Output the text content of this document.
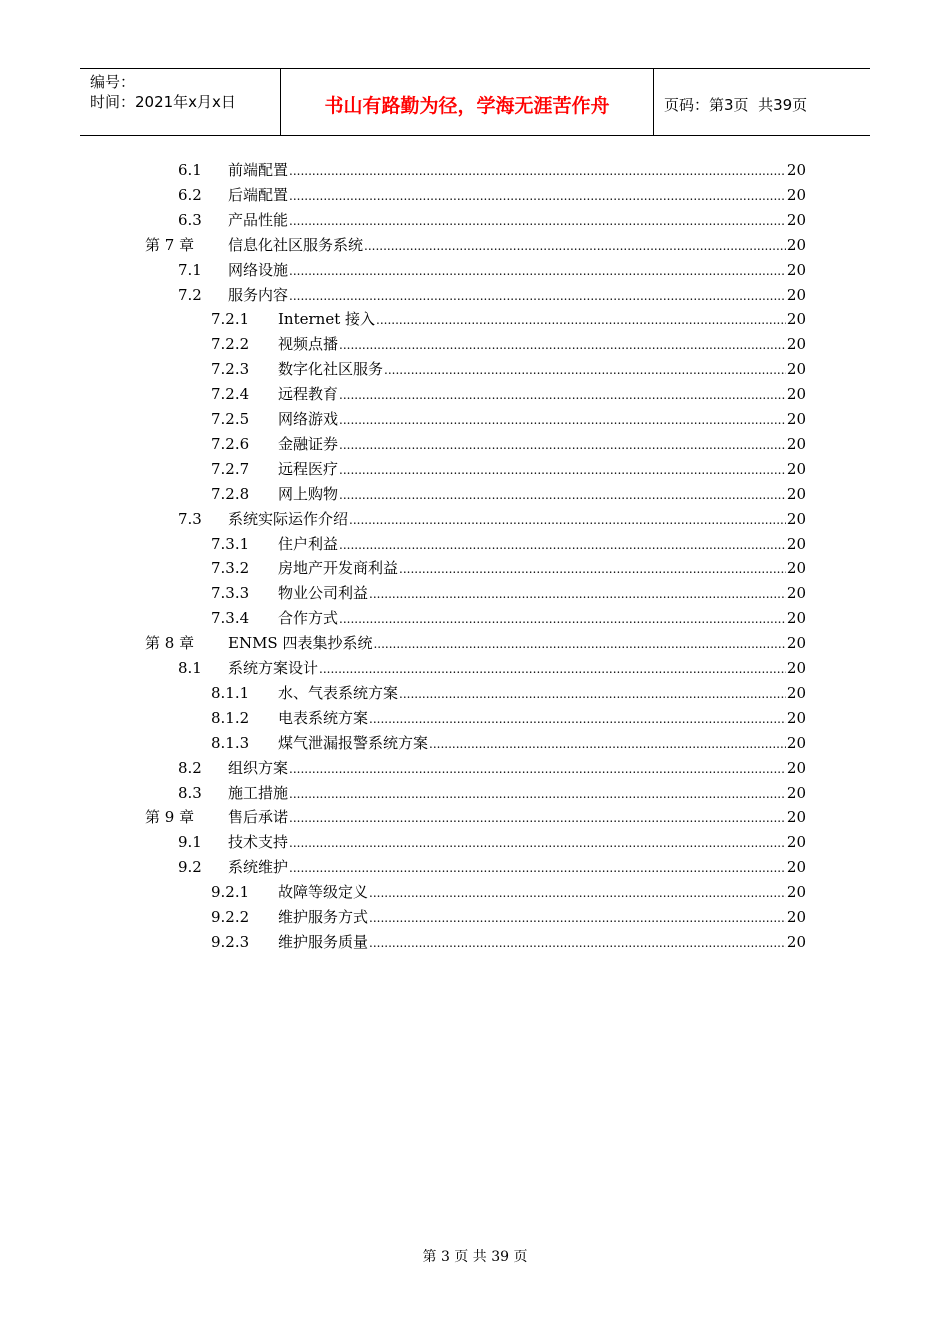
编号：
时间：2021年x月x日	书山有路勤为径，学海无涯苦作舟	页码：第3页  共39页
6.1	前端配置 .....	20
6.2	后端配置 .....	20
6.3	产品性能 .....	20
第 7 章	信息化社区服务系统 .....	20
7.1	网络设施 .....	20
7.2	服务内容 .....	20
7.2.1	Internet 接入 .....	20
7.2.2	视频点播 .....	20
7.2.3	数字化社区服务 .....	20
7.2.4	远程教育 .....	20
7.2.5	网络游戏 .....	20
7.2.6	金融证券 .....	20
7.2.7	远程医疗 .....	20
7.2.8	网上购物 .....	20
7.3	系统实际运作介绍 .....	20
7.3.1	住户利益 .....	20
7.3.2	房地产开发商利益 .....	20
7.3.3	物业公司利益 .....	20
7.3.4	合作方式 .....	20
第 8 章	ENMS 四表集抄系统 .....	20
8.1	系统方案设计 .....	20
8.1.1	水、气表系统方案 .....	20
8.1.2	电表系统方案 .....	20
8.1.3	煤气泄漏报警系统方案 .....	20
8.2	组织方案 .....	20
8.3	施工措施 .....	20
第 9 章	售后承诺 .....	20
9.1	技术支持 .....	20
9.2	系统维护 .....	20
9.2.1	故障等级定义 .....	20
9.2.2	维护服务方式 .....	20
9.2.3	维护服务质量 .....	20
第 3 页 共 39 页
